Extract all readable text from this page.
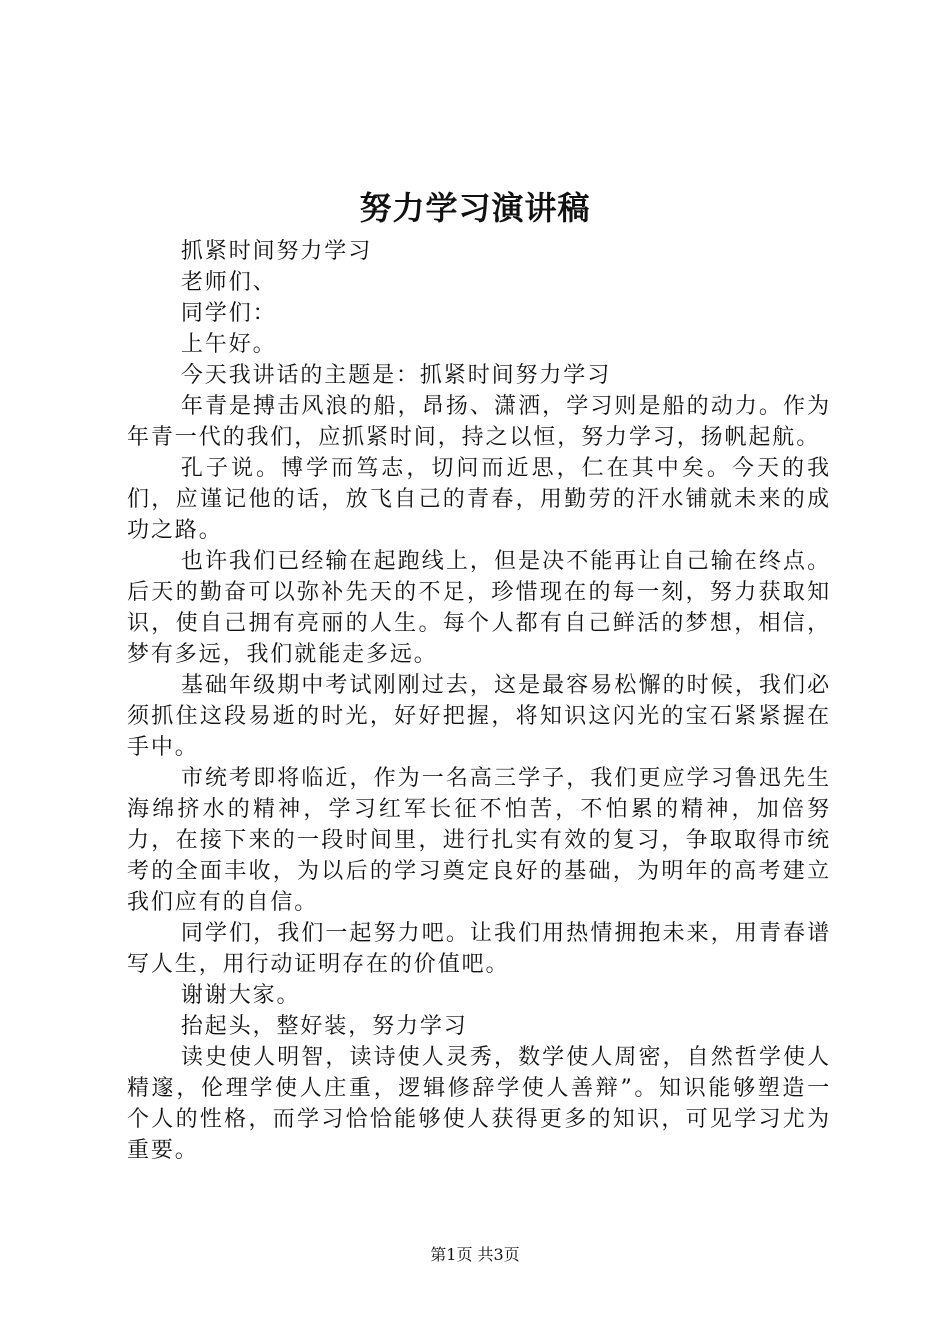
努力学习演讲稿

抓紧时间努力学习

老师们、

同学们：

上午好。

今天我讲话的主题是：抓紧时间努力学习

年青是搏击风浪的船，昂扬、潇洒，学习则是船的动力。作为年青一代的我们，应抓紧时间，持之以恒，努力学习，扬帆起航。

孔子说。博学而笃志，切问而近思，仁在其中矣。今天的我们，应谨记他的话，放飞自己的青春，用勤劳的汗水铺就未来的成功之路。

也许我们已经输在起跑线上，但是决不能再让自己输在终点。后天的勤奋可以弥补先天的不足，珍惜现在的每一刻，努力获取知识，使自己拥有亮丽的人生。每个人都有自己鲜活的梦想，相信，梦有多远，我们就能走多远。

基础年级期中考试刚刚过去，这是最容易松懈的时候，我们必须抓住这段易逝的时光，好好把握，将知识这闪光的宝石紧紧握在手中。

市统考即将临近，作为一名高三学子，我们更应学习鲁迅先生海绵挤水的精神，学习红军长征不怕苦，不怕累的精神，加倍努力，在接下来的一段时间里，进行扎实有效的复习，争取取得市统考的全面丰收，为以后的学习奠定良好的基础，为明年的高考建立我们应有的自信。

同学们，我们一起努力吧。让我们用热情拥抱未来，用青春谱写人生，用行动证明存在的价值吧。

谢谢大家。

抬起头，整好装，努力学习

读史使人明智，读诗使人灵秀，数学使人周密，自然哲学使人精邃，伦理学使人庄重，逻辑修辞学使人善辩”。知识能够塑造一个人的性格，而学习恰恰能够使人获得更多的知识，可见学习尤为重要。

第1页 共3页
